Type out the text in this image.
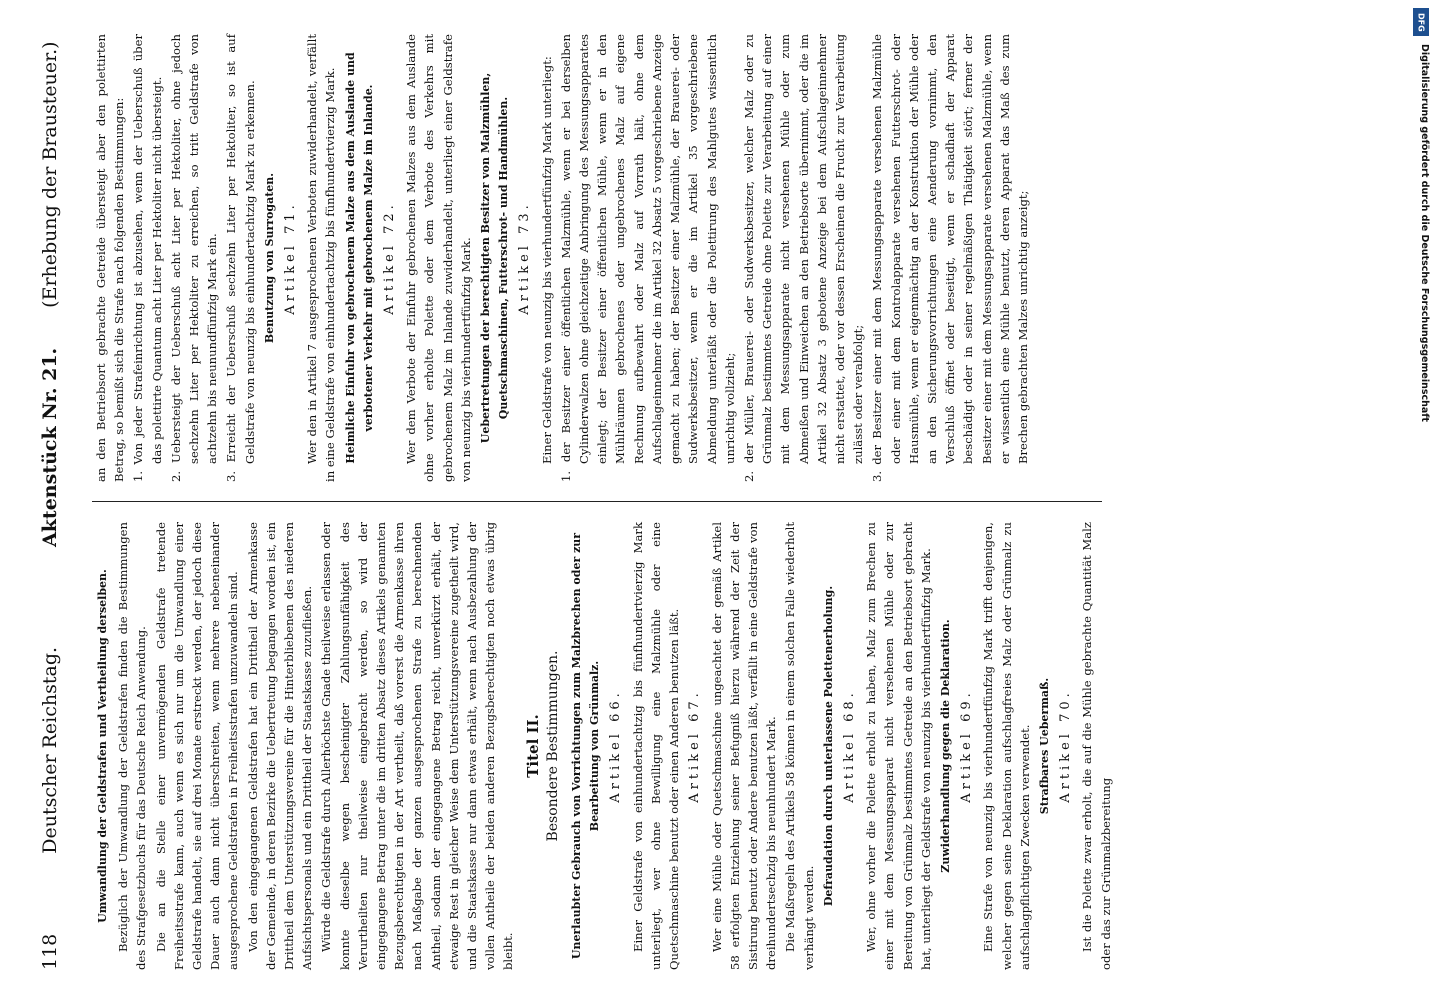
118
Deutscher Reichstag.
Aktenstück Nr. 21.
(Erhebung der Brausteuer.)

Umwandlung der Geldstrafen und Vertheilung derselben. Bezüglich der Umwandlung der Geldstrafen finden die Bestimmungen des Strafgesetzbuchs für das Deutsche Reich Anwendung. Die an die Stelle einer unvermögenden Geldstrafe tretende Freiheitsstrafe kann, auch wenn es sich nur um die Umwandlung einer Geldstrafe handelt, sie auf drei Monate erstreckt werden, der jedoch diese Dauer auch dann nicht überschreiten, wenn mehrere nebeneinander ausgesprochene Geldstrafen in Freiheitsstrafen umzuwandeln sind. Von den eingegangenen Geldstrafen hat ein Drittheil der Armenkasse der Gemeinde, in deren Bezirke die Uebertretung begangen worden ist, ein Drittheil dem Unterstützungsvereine für die Hinterbliebenen des niederen Aufsichtspersonals und ein Drittheil der Staatskasse zuzufließen. Würde die Geldstrafe durch Allerhöchste Gnade theilweise erlassen oder konnte dieselbe wegen bescheinigter Zahlungsunfähigkeit des Verurtheilten nur theilweise eingebracht werden, so wird der eingegangene Betrag unter die im dritten Absatz dieses Artikels genannten Bezugsberechtigten in der Art vertheilt, daß vorerst die Armenkasse ihren nach Maßgabe der ganzen ausgesprochenen Strafe zu berechnenden Antheil, sodann der eingegangene Betrag reicht, unverkürzt erhält, der etwaige Rest in gleicher Weise dem Unterstützungsvereine zugetheilt wird, und die Staatskasse nur dann etwas erhält, wenn nach Ausbezahlung der vollen Antheile der beiden anderen Bezugsberechtigten noch etwas übrig bleibt.

Titel II. Besondere Bestimmungen. Unerlaubter Gebrauch von Vorrichtungen zum Malzbrechen oder zur Bearbeitung von Grünmalz. Artikel 66. Einer Geldstrafe von einhundertachtzig bis fünfhundertvierzig Mark unterliegt, wer ohne Bewilligung eine Malzmühle oder eine Quetschmaschine benutzt oder einen Anderen benutzen läßt. Artikel 67. Wer eine Mühle oder Quetschmaschine ungeachtet der gemäß Artikel 58 erfolgten Entziehung seiner Befugniß hierzu während der Zeit der Sistirung benutzt oder Andere benutzen läßt, verfällt in eine Geldstrafe von dreihundertsechzig bis neunhundert Mark. Die Maßregeln des Artikels 58 können in einem solchen Falle wiederholt verhängt werden.

Defraudation durch unterlassene Polettenerholung. Artikel 68. Wer, ohne vorher die Polette erholt zu haben, Malz zum Brechen zu einer mit dem Messungsapparat nicht versehenen Mühle oder zur Bereitung von Grünmalz bestimmtes Getreide an den Betriebsort gebracht hat, unterliegt der Geldstrafe von neunzig bis vierhundertfünfzig Mark. Zuwiderhandlung gegen die Deklaration. Artikel 69. Eine Strafe von neunzig bis vierhundertfünfzig Mark trifft denjenigen, welcher gegen seine Deklaration aufschlagfreies Malz oder Grünmalz zu aufschlagpflichtigen Zwecken verwendet. Strafbares Uebermaß. Artikel 70. Ist die Polette zwar erholt, die auf die Mühle gebrachte Quantität Malz oder das zur Grünmalzbereitung

an den Betriebsort gebrachte Getreide übersteigt aber den polettirten Betrag, so bemißt sich die Strafe nach folgenden Bestimmungen: 1. Von jeder Strafeinrichtung ist abzusehen, wenn der Ueberschuß über das polettirte Quantum acht Liter per Hektoliter nicht übersteigt. 2. Uebersteigt der Ueberschuß acht Liter per Hektoliter, ohne jedoch sechzehn Liter per Hektoliter zu erreichen, so tritt Geldstrafe von achtzehn bis neunundfünfzig Mark ein. 3. Erreicht der Ueberschuß sechzehn Liter per Hektoliter, so ist auf Geldstrafe von neunzig bis einhundertachtzig Mark zu erkennen. Benutzung von Surrogaten. Artikel 71. Wer den in Artikel 7 ausgesprochenen Verboten zuwiderhandelt, verfällt in eine Geldstrafe von einhundertachtzig bis fünfhundertvierzig Mark. Heimliche Einfuhr von gebrochenem Malze aus dem Auslande und verbotener Verkehr mit gebrochenem Malze im Inlande. Artikel 72. Wer dem Verbote der Einfuhr gebrochenen Malzes aus dem Auslande ohne vorher erholte Polette oder dem Verbote des Verkehrs mit gebrochenem Malz im Inlande zuwiderhandelt, unterliegt einer Geldstrafe von neunzig bis vierhundertfünfzig Mark. Uebertretungen der berechtigten Besitzer von Malzmühlen, Quetschmaschinen, Futterschrot- und Handmühlen. Artikel 73. Einer Geldstrafe von neunzig bis vierhundertfünfzig Mark unterliegt: 1. der Besitzer einer öffentlichen Malzmühle, wenn er bei derselben Cylinderwalzen ohne gleichzeitige Anbringung des Messungsapparates einlegt; der Besitzer einer öffentlichen Mühle, wenn er in den Mühlräumen gebrochenes oder ungebrochenes Malz auf eigene Rechnung aufbewahrt oder Malz auf Vorrath hält, ohne dem Aufschlageinnehmer die im Artikel 32 Absatz 5 vorgeschriebene Anzeige gemacht zu haben; der Besitzer einer Malzmühle, der Brauerei- oder Sudwerksbesitzer, wenn er die im Artikel 35 vorgeschriebene Abmeldung unterläßt oder die Polettirung des Mahlgutes wissentlich unrichtig vollzieht; 2. der Müller, Brauerei- oder Sudwerksbesitzer, welcher Malz oder zu Grünmalz bestimmtes Getreide ohne Polette zur Verarbeitung auf einer mit dem Messungsapparate nicht versehenen Mühle oder zum Abmeißen und Einweichen an den Betriebsorte übernimmt, oder die im Artikel 32 Absatz 3 gebotene Anzeige bei dem Aufschlageinnehmer nicht erstattet, oder vor dessen Erscheinen die Frucht zur Verarbeitung zulässt oder verabfolgt; 3. der Besitzer einer mit dem Messungsapparate versehenen Malzmühle oder einer mit dem Kontrolapparate versehenen Futterschrot- oder Hausmühle, wenn er eigenmächtig an der Konstruktion der Mühle oder an den Sicherungsvorrichtungen eine Aenderung vornimmt, den Verschluß öffnet oder beseitigt, wenn er schadhaft der Apparat beschädigt oder in seiner regelmäßigen Thätigkeit stört; ferner der Besitzer einer mit dem Messungsapparate versehenen Malzmühle, wenn er wissentlich eine Mühle benutzt, deren Apparat das Maß des zum Brechen gebrachten Malzes unrichtig anzeigt;

DFG
Digitalisierung gefördert durch die Deutsche Forschungsgemeinschaft
